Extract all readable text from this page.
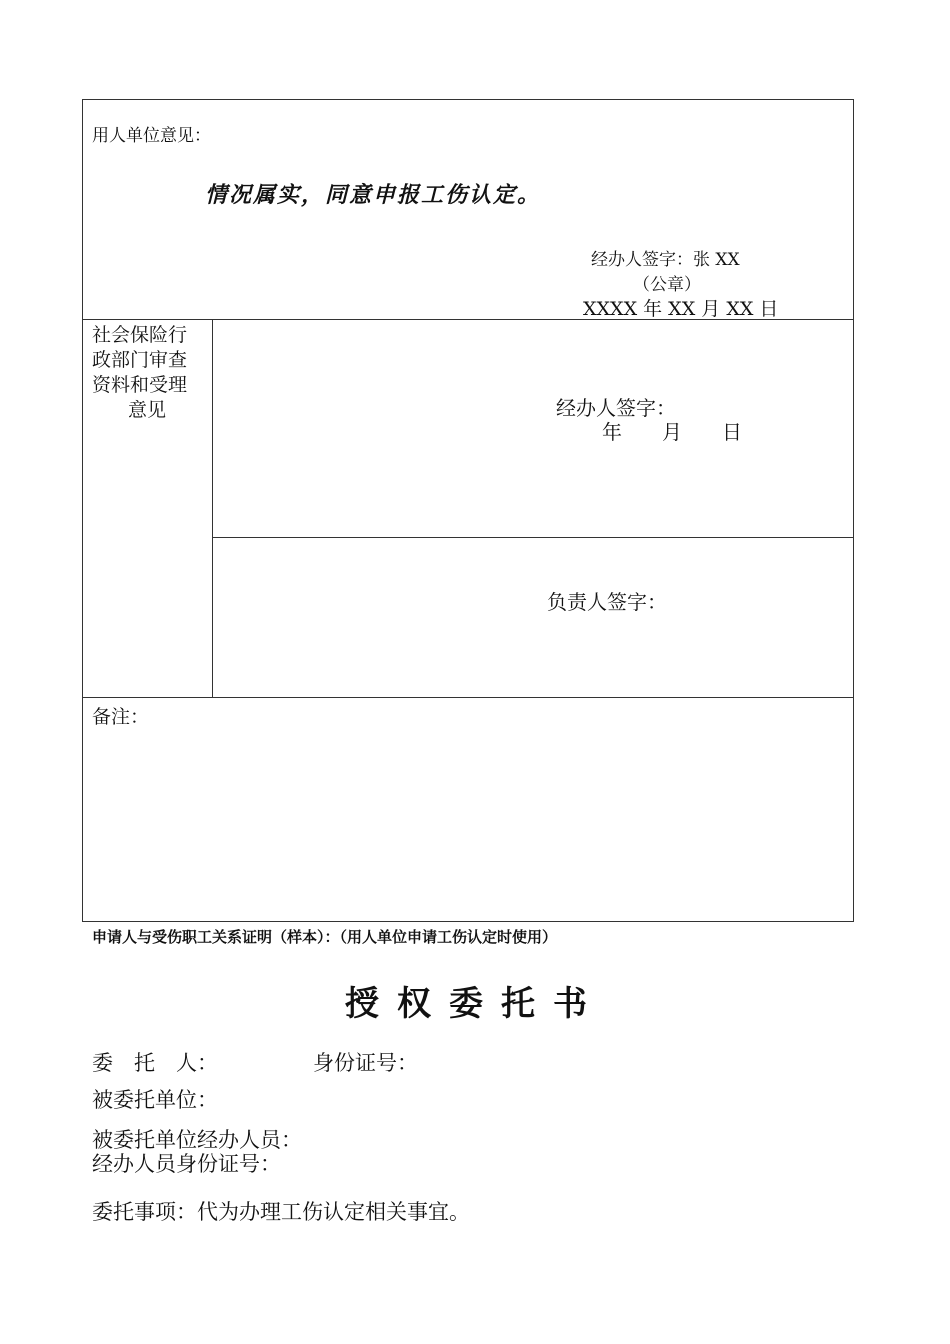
用人单位意见：
情况属实，同意申报工伤认定。
经办人签字：张 XX
（公章）
XXXX 年 XX 月 XX 日
社会保险行
政部门审查
资料和受理
意见	经办人签字：
年　　月　　日
负责人签字：
备注：
申请人与受伤职工关系证明（样本）：（用人单位申请工伤认定时使用）
授权委托书
委　托　人：	身份证号：
被委托单位：
被委托单位经办人员：
经办人员身份证号：
委托事项：代为办理工伤认定相关事宜。
